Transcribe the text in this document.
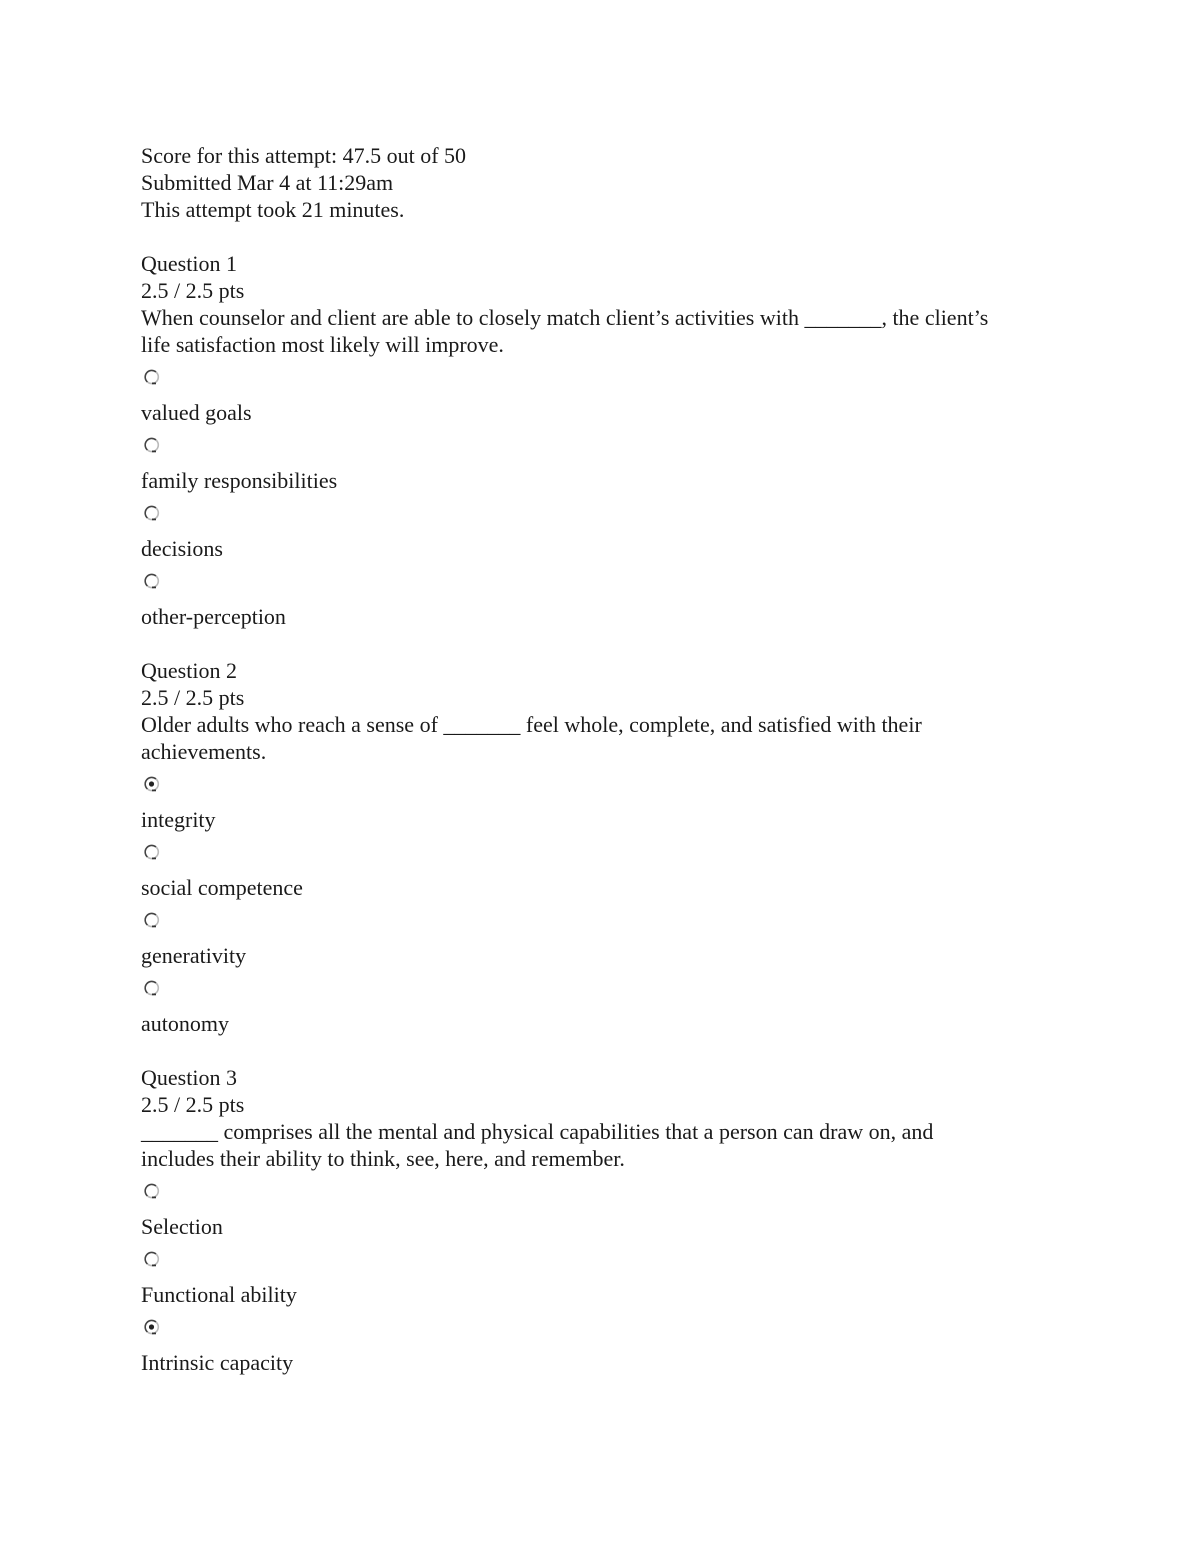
Score for this attempt: 47.5 out of 50
Submitted Mar 4 at 11:29am
This attempt took 21 minutes.
Question 1
2.5 / 2.5 pts
When counselor and client are able to closely match client’s activities with _______, the client’s
life satisfaction most likely will improve.
valued goals
family responsibilities
decisions
other-perception
Question 2
2.5 / 2.5 pts
Older adults who reach a sense of _______ feel whole, complete, and satisfied with their
achievements.
integrity
social competence
generativity
autonomy
Question 3
2.5 / 2.5 pts
_______ comprises all the mental and physical capabilities that a person can draw on, and
includes their ability to think, see, here, and remember.
Selection
Functional ability
Intrinsic capacity
